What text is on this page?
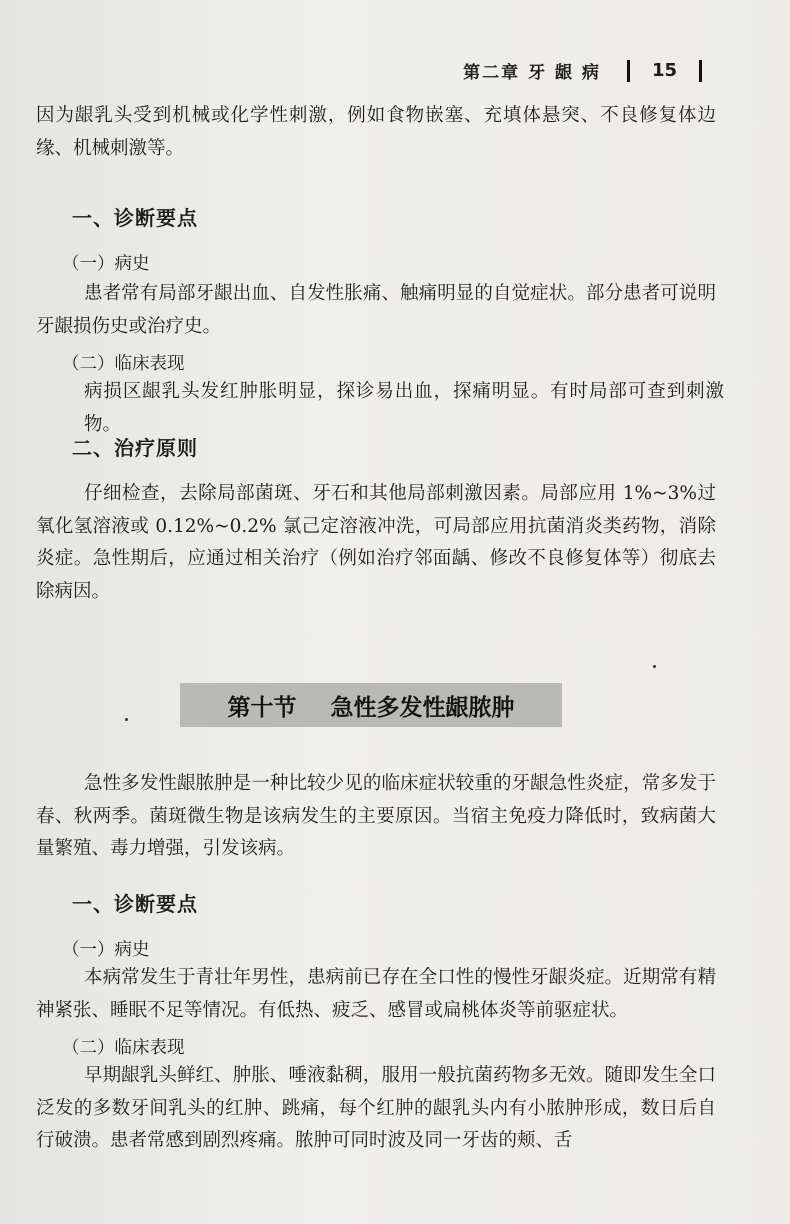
第二章 牙 龈 病	15
因为龈乳头受到机械或化学性刺激，例如食物嵌塞、充填体悬突、不良修复体边缘、机械刺激等。
一、诊断要点
（一）病史
患者常有局部牙龈出血、自发性胀痛、触痛明显的自觉症状。部分患者可说明牙龈损伤史或治疗史。
（二）临床表现
病损区龈乳头发红肿胀明显，探诊易出血，探痛明显。有时局部可查到刺激物。
二、治疗原则
仔细检查，去除局部菌斑、牙石和其他局部刺激因素。局部应用 1%~3%过氧化氢溶液或 0.12%~0.2% 氯己定溶液冲洗，可局部应用抗菌消炎类药物，消除炎症。急性期后，应通过相关治疗（例如治疗邻面龋、修改不良修复体等）彻底去除病因。
第十节 急性多发性龈脓肿
急性多发性龈脓肿是一种比较少见的临床症状较重的牙龈急性炎症，常多发于春、秋两季。菌斑微生物是该病发生的主要原因。当宿主免疫力降低时，致病菌大量繁殖、毒力增强，引发该病。
一、诊断要点
（一）病史
本病常发生于青壮年男性，患病前已存在全口性的慢性牙龈炎症。近期常有精神紧张、睡眠不足等情况。有低热、疲乏、感冒或扁桃体炎等前驱症状。
（二）临床表现
早期龈乳头鲜红、肿胀、唾液黏稠，服用一般抗菌药物多无效。随即发生全口泛发的多数牙间乳头的红肿、跳痛，每个红肿的龈乳头内有小脓肿形成，数日后自行破溃。患者常感到剧烈疼痛。脓肿可同时波及同一牙齿的颊、舌
